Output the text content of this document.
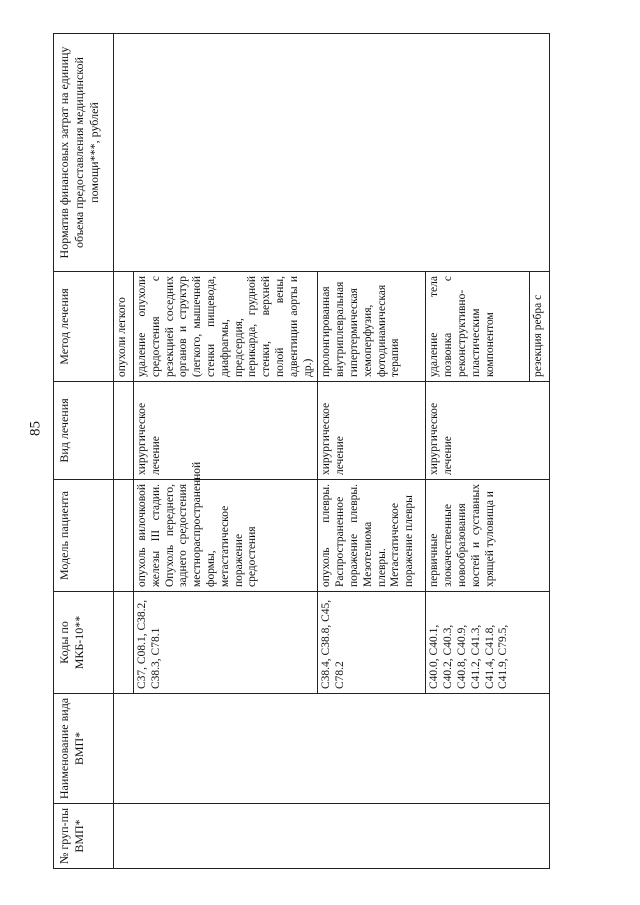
85
№ груп-пы ВМП*	Наименование вида ВМП*	Коды по МКБ-10**	Модель пациента	Вид лечения	Метод лечения	Норматив финансовых затрат на единицу объема предоставления медицинской помощи***, рублей
					опухоли легкого	
		C37, C08.1, C38.2, C38.3, C78.1	опухоль вилочковой железы III стадии. Опухоль переднего, заднего средостения местнораспространенной формы, метастатическое поражение средостения	хирургическое лечение	удаление опухоли средостения с резекцией соседних органов и структур (легкого, мышечной стенки пищевода, диафрагмы, предсердия, перикарда, грудной стенки, верхней полой вены, адвентиции аорты и др.)	
		C38.4, C38.8, C45, C78.2	опухоль плевры. Распространенное поражение плевры. Мезотелиома плевры. Метастатическое поражение плевры	хирургическое лечение	пролонгированная внутриплевральная гипертермическая хемоперфузия, фотодинамическая терапия	
		C40.0, C40.1, C40.2, C40.3, C40.8, C40.9, C41.2, C41.3, C41.4, C41.8, C41.9, C79.5,	первичные злокачественные новообразования костей и суставных хрящей туловища и	хирургическое лечение	удаление тела позвонка с реконструктивно-пластическим компонентом	
					резекция ребра с	
